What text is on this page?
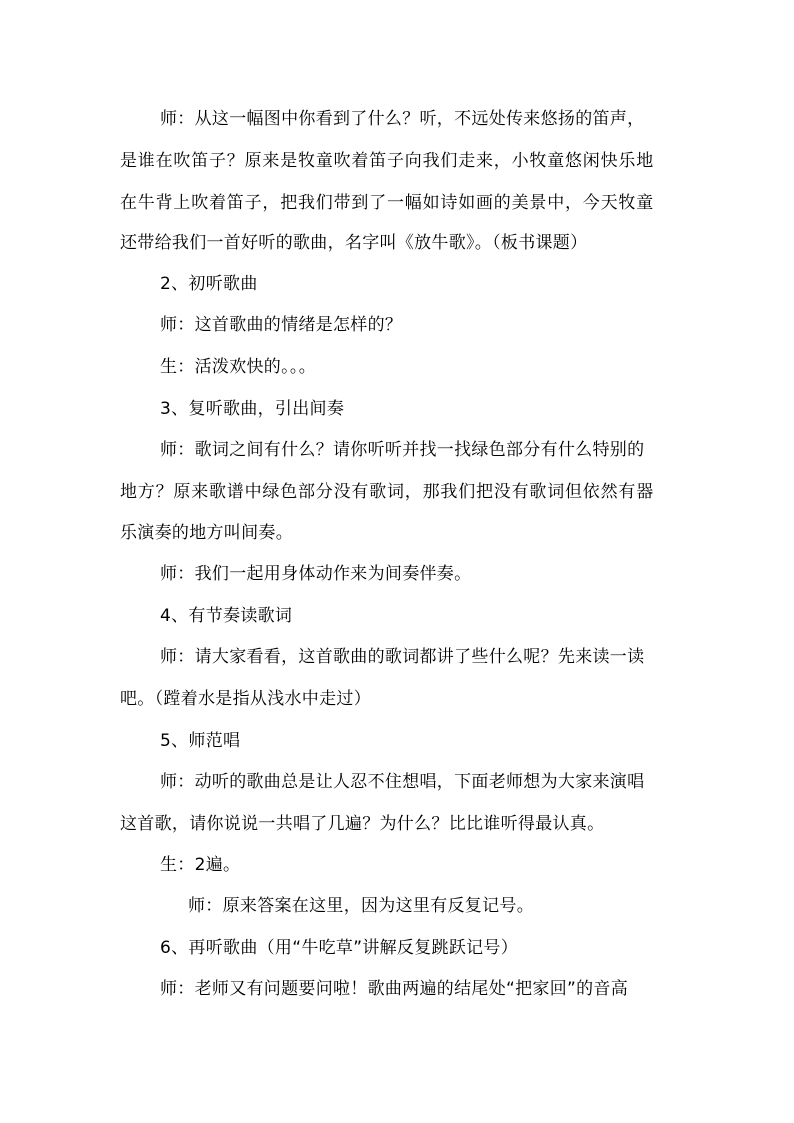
师：从这一幅图中你看到了什么？听，不远处传来悠扬的笛声，
是谁在吹笛子？原来是牧童吹着笛子向我们走来，小牧童悠闲快乐地
在牛背上吹着笛子，把我们带到了一幅如诗如画的美景中，今天牧童
还带给我们一首好听的歌曲，名字叫《放牛歌》。（板书课题）
2、初听歌曲
师：这首歌曲的情绪是怎样的？
生：活泼欢快的。。。
3、复听歌曲，引出间奏
师：歌词之间有什么？请你听听并找一找绿色部分有什么特别的
地方？原来歌谱中绿色部分没有歌词，那我们把没有歌词但依然有器
乐演奏的地方叫间奏。
师：我们一起用身体动作来为间奏伴奏。
4、有节奏读歌词
师：请大家看看，这首歌曲的歌词都讲了些什么呢？先来读一读
吧。（蹚着水是指从浅水中走过）
5、师范唱
师：动听的歌曲总是让人忍不住想唱，下面老师想为大家来演唱
这首歌，请你说说一共唱了几遍？为什么？比比谁听得最认真。
生：2遍。
师：原来答案在这里，因为这里有反复记号。
6、再听歌曲（用“牛吃草”讲解反复跳跃记号）
师：老师又有问题要问啦！歌曲两遍的结尾处“把家回”的音高
